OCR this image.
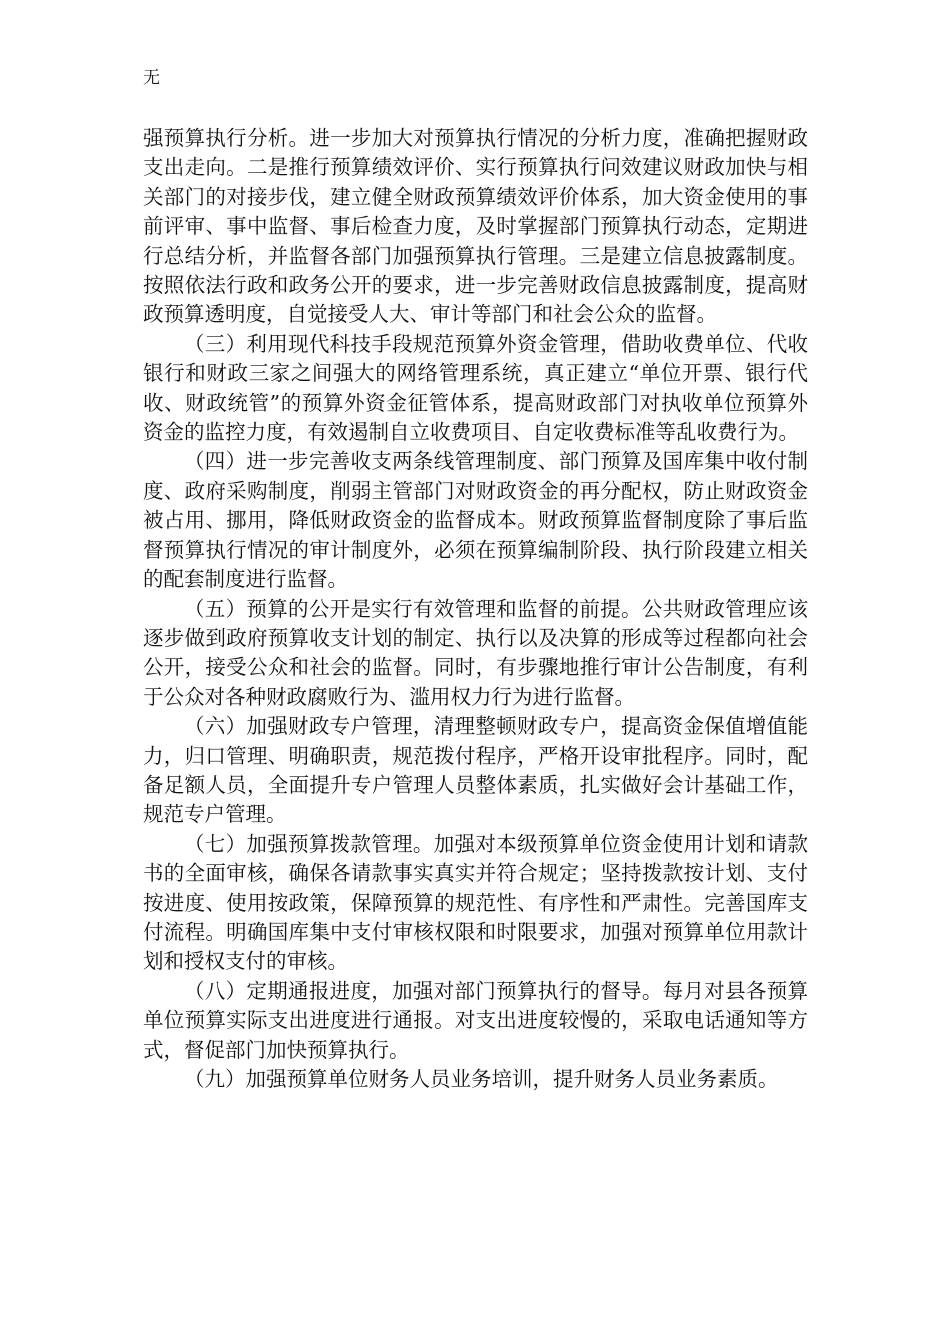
无

强预算执行分析。进一步加大对预算执行情况的分析力度，准确把握财政支出走向。二是推行预算绩效评价、实行预算执行问效建议财政加快与相关部门的对接步伐，建立健全财政预算绩效评价体系，加大资金使用的事前评审、事中监督、事后检查力度，及时掌握部门预算执行动态，定期进行总结分析，并监督各部门加强预算执行管理。三是建立信息披露制度。按照依法行政和政务公开的要求，进一步完善财政信息披露制度，提高财政预算透明度，自觉接受人大、审计等部门和社会公众的监督。

（三）利用现代科技手段规范预算外资金管理，借助收费单位、代收银行和财政三家之间强大的网络管理系统，真正建立“单位开票、银行代收、财政统管”的预算外资金征管体系，提高财政部门对执收单位预算外资金的监控力度，有效遏制自立收费项目、自定收费标准等乱收费行为。

（四）进一步完善收支两条线管理制度、部门预算及国库集中收付制度、政府采购制度，削弱主管部门对财政资金的再分配权，防止财政资金被占用、挪用，降低财政资金的监督成本。财政预算监督制度除了事后监督预算执行情况的审计制度外，必须在预算编制阶段、执行阶段建立相关的配套制度进行监督。

（五）预算的公开是实行有效管理和监督的前提。公共财政管理应该逐步做到政府预算收支计划的制定、执行以及决算的形成等过程都向社会公开，接受公众和社会的监督。同时，有步骤地推行审计公告制度，有利于公众对各种财政腐败行为、滥用权力行为进行监督。

（六）加强财政专户管理，清理整顿财政专户，提高资金保值增值能力，归口管理、明确职责，规范拨付程序，严格开设审批程序。同时，配备足额人员，全面提升专户管理人员整体素质，扎实做好会计基础工作，规范专户管理。

（七）加强预算拨款管理。加强对本级预算单位资金使用计划和请款书的全面审核，确保各请款事实真实并符合规定；坚持拨款按计划、支付按进度、使用按政策，保障预算的规范性、有序性和严肃性。完善国库支付流程。明确国库集中支付审核权限和时限要求，加强对预算单位用款计划和授权支付的审核。

（八）定期通报进度，加强对部门预算执行的督导。每月对县各预算单位预算实际支出进度进行通报。对支出进度较慢的，采取电话通知等方式，督促部门加快预算执行。

（九）加强预算单位财务人员业务培训，提升财务人员业务素质。
